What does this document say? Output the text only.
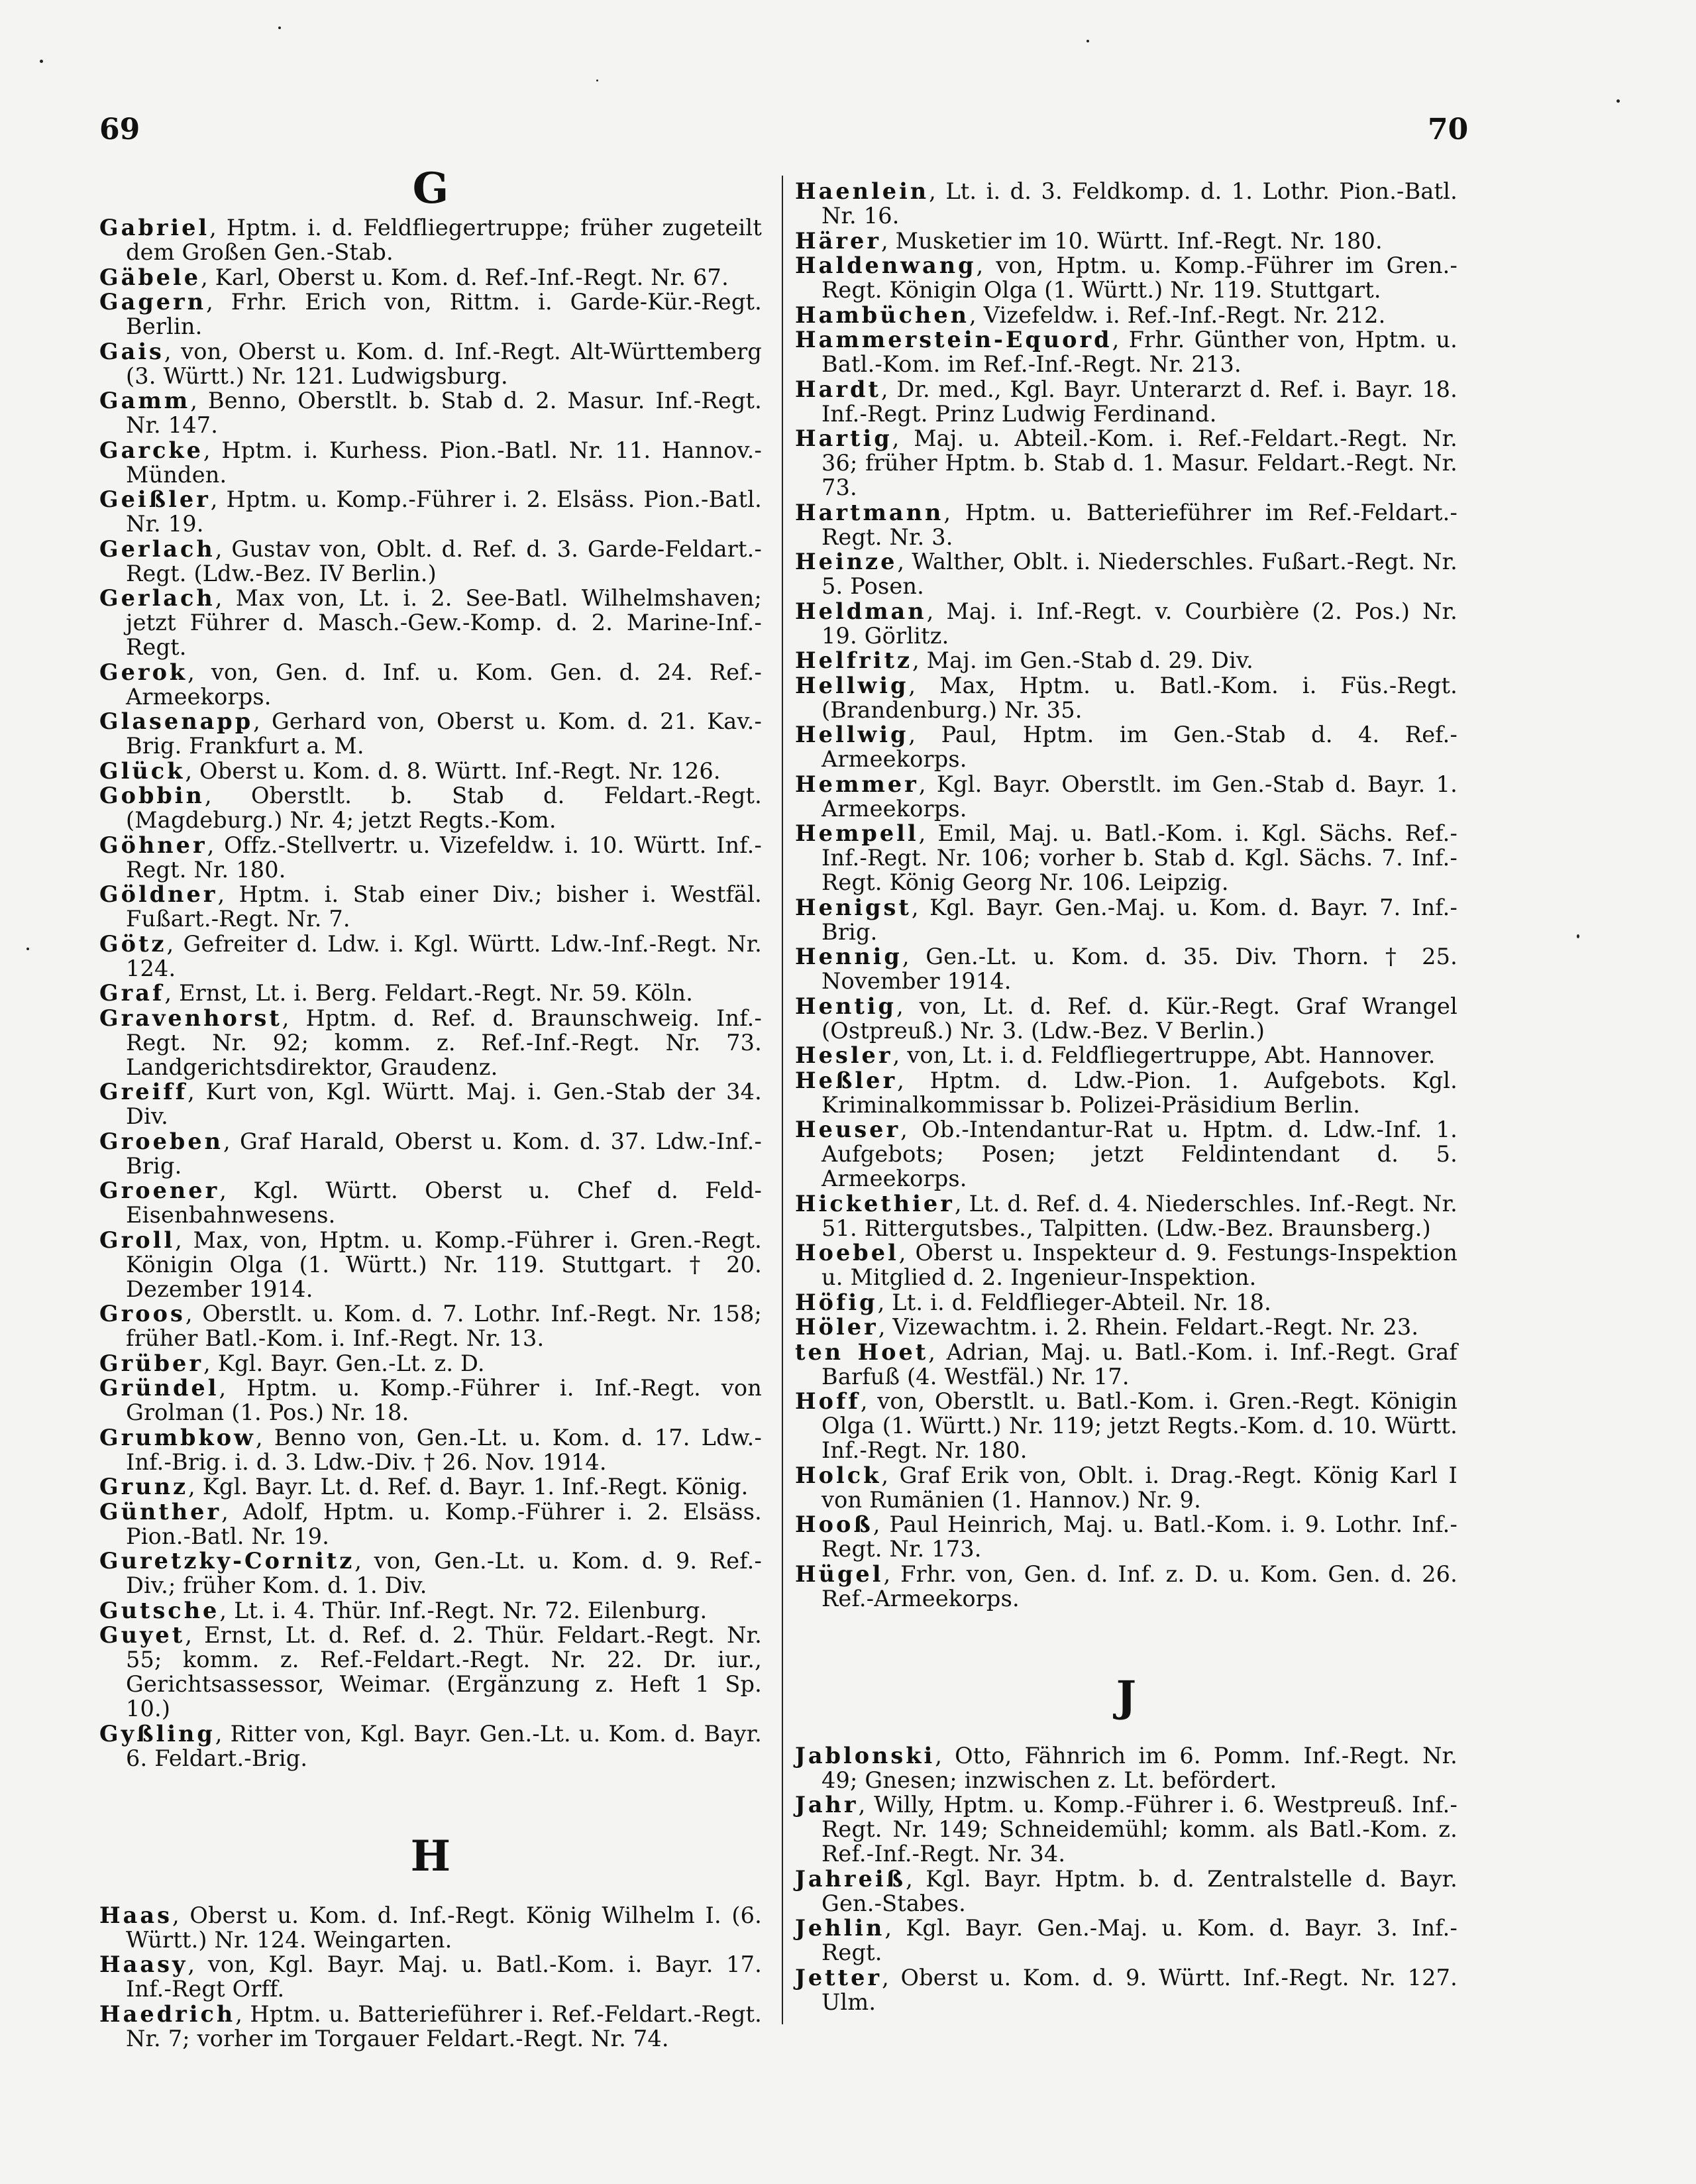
69	70
G

Gabriel, Hptm. i. d. Feldfliegertruppe; früher zugeteilt dem Großen Gen.-Stab.

Gäbele, Karl, Oberst u. Kom. d. Ref.-Inf.-Regt. Nr. 67.

Gagern, Frhr. Erich von, Rittm. i. Garde-Kür.-Regt. Berlin.

Gais, von, Oberst u. Kom. d. Inf.-Regt. Alt-Württemberg (3. Württ.) Nr. 121. Ludwigsburg.

Gamm, Benno, Oberstlt. b. Stab d. 2. Masur. Inf.-Regt. Nr. 147.

Garcke, Hptm. i. Kurhess. Pion.-Batl. Nr. 11. Hannov.-Münden.

Geißler, Hptm. u. Komp.-Führer i. 2. Elsäss. Pion.-Batl. Nr. 19.

Gerlach, Gustav von, Oblt. d. Ref. d. 3. Garde-Feldart.-Regt. (Ldw.-Bez. IV Berlin.)

Gerlach, Max von, Lt. i. 2. See-Batl. Wilhelmshaven; jetzt Führer d. Masch.-Gew.-Komp. d. 2. Marine-Inf.-Regt.

Gerok, von, Gen. d. Inf. u. Kom. Gen. d. 24. Ref.-Armeekorps.

Glasenapp, Gerhard von, Oberst u. Kom. d. 21. Kav.-Brig. Frankfurt a. M.

Glück, Oberst u. Kom. d. 8. Württ. Inf.-Regt. Nr. 126.

Gobbin, Oberstlt. b. Stab d. Feldart.-Regt. (Magdeburg.) Nr. 4; jetzt Regts.-Kom.

Göhner, Offz.-Stellvertr. u. Vizefeldw. i. 10. Württ. Inf.-Regt. Nr. 180.

Göldner, Hptm. i. Stab einer Div.; bisher i. Westfäl. Fußart.-Regt. Nr. 7.

Götz, Gefreiter d. Ldw. i. Kgl. Württ. Ldw.-Inf.-Regt. Nr. 124.

Graf, Ernst, Lt. i. Berg. Feldart.-Regt. Nr. 59. Köln.

Gravenhorst, Hptm. d. Ref. d. Braunschweig. Inf.-Regt. Nr. 92; komm. z. Ref.-Inf.-Regt. Nr. 73. Landgerichtsdirektor, Graudenz.

Greiff, Kurt von, Kgl. Württ. Maj. i. Gen.-Stab der 34. Div.

Groeben, Graf Harald, Oberst u. Kom. d. 37. Ldw.-Inf.-Brig.

Groener, Kgl. Württ. Oberst u. Chef d. Feld-Eisenbahnwesens.

Groll, Max, von, Hptm. u. Komp.-Führer i. Gren.-Regt. Königin Olga (1. Württ.) Nr. 119. Stuttgart. † 20. Dezember 1914.

Groos, Oberstlt. u. Kom. d. 7. Lothr. Inf.-Regt. Nr. 158; früher Batl.-Kom. i. Inf.-Regt. Nr. 13.

Grüber, Kgl. Bayr. Gen.-Lt. z. D.

Gründel, Hptm. u. Komp.-Führer i. Inf.-Regt. von Grolman (1. Pos.) Nr. 18.

Grumbkow, Benno von, Gen.-Lt. u. Kom. d. 17. Ldw.-Inf.-Brig. i. d. 3. Ldw.-Div. † 26. Nov. 1914.

Grunz, Kgl. Bayr. Lt. d. Ref. d. Bayr. 1. Inf.-Regt. König.

Günther, Adolf, Hptm. u. Komp.-Führer i. 2. Elsäss. Pion.-Batl. Nr. 19.

Guretzky-Cornitz, von, Gen.-Lt. u. Kom. d. 9. Ref.-Div.; früher Kom. d. 1. Div.

Gutsche, Lt. i. 4. Thür. Inf.-Regt. Nr. 72. Eilenburg.

Guyet, Ernst, Lt. d. Ref. d. 2. Thür. Feldart.-Regt. Nr. 55; komm. z. Ref.-Feldart.-Regt. Nr. 22. Dr. iur., Gerichtsassessor, Weimar. (Ergänzung z. Heft 1 Sp. 10.)

Gyßling, Ritter von, Kgl. Bayr. Gen.-Lt. u. Kom. d. Bayr. 6. Feldart.-Brig.

H

Haas, Oberst u. Kom. d. Inf.-Regt. König Wilhelm I. (6. Württ.) Nr. 124. Weingarten.

Haasy, von, Kgl. Bayr. Maj. u. Batl.-Kom. i. Bayr. 17. Inf.-Regt Orff.

Haedrich, Hptm. u. Batterieführer i. Ref.-Feldart.-Regt. Nr. 7; vorher im Torgauer Feldart.-Regt. Nr. 74.

Haenlein, Lt. i. d. 3. Feldkomp. d. 1. Lothr. Pion.-Batl. Nr. 16.

Härer, Musketier im 10. Württ. Inf.-Regt. Nr. 180.

Haldenwang, von, Hptm. u. Komp.-Führer im Gren.-Regt. Königin Olga (1. Württ.) Nr. 119. Stuttgart.

Hambüchen, Vizefeldw. i. Ref.-Inf.-Regt. Nr. 212.

Hammerstein-Equord, Frhr. Günther von, Hptm. u. Batl.-Kom. im Ref.-Inf.-Regt. Nr. 213.

Hardt, Dr. med., Kgl. Bayr. Unterarzt d. Ref. i. Bayr. 18. Inf.-Regt. Prinz Ludwig Ferdinand.

Hartig, Maj. u. Abteil.-Kom. i. Ref.-Feldart.-Regt. Nr. 36; früher Hptm. b. Stab d. 1. Masur. Feldart.-Regt. Nr. 73.

Hartmann, Hptm. u. Batterieführer im Ref.-Feldart.-Regt. Nr. 3.

Heinze, Walther, Oblt. i. Niederschles. Fußart.-Regt. Nr. 5. Posen.

Heldman, Maj. i. Inf.-Regt. v. Courbière (2. Pos.) Nr. 19. Görlitz.

Helfritz, Maj. im Gen.-Stab d. 29. Div.

Hellwig, Max, Hptm. u. Batl.-Kom. i. Füs.-Regt. (Brandenburg.) Nr. 35.

Hellwig, Paul, Hptm. im Gen.-Stab d. 4. Ref.-Armeekorps.

Hemmer, Kgl. Bayr. Oberstlt. im Gen.-Stab d. Bayr. 1. Armeekorps.

Hempell, Emil, Maj. u. Batl.-Kom. i. Kgl. Sächs. Ref.-Inf.-Regt. Nr. 106; vorher b. Stab d. Kgl. Sächs. 7. Inf.-Regt. König Georg Nr. 106. Leipzig.

Henigst, Kgl. Bayr. Gen.-Maj. u. Kom. d. Bayr. 7. Inf.-Brig.

Hennig, Gen.-Lt. u. Kom. d. 35. Div. Thorn. † 25. November 1914.

Hentig, von, Lt. d. Ref. d. Kür.-Regt. Graf Wrangel (Ostpreuß.) Nr. 3. (Ldw.-Bez. V Berlin.)

Hesler, von, Lt. i. d. Feldfliegertruppe, Abt. Hannover.

Heßler, Hptm. d. Ldw.-Pion. 1. Aufgebots. Kgl. Kriminalkommissar b. Polizei-Präsidium Berlin.

Heuser, Ob.-Intendantur-Rat u. Hptm. d. Ldw.-Inf. 1. Aufgebots; Posen; jetzt Feldintendant d. 5. Armeekorps.

Hickethier, Lt. d. Ref. d. 4. Niederschles. Inf.-Regt. Nr. 51. Rittergutsbes., Talpitten. (Ldw.-Bez. Braunsberg.)

Hoebel, Oberst u. Inspekteur d. 9. Festungs-Inspektion u. Mitglied d. 2. Ingenieur-Inspektion.

Höfig, Lt. i. d. Feldflieger-Abteil. Nr. 18.

Höler, Vizewachtm. i. 2. Rhein. Feldart.-Regt. Nr. 23.

ten Hoet, Adrian, Maj. u. Batl.-Kom. i. Inf.-Regt. Graf Barfuß (4. Westfäl.) Nr. 17.

Hoff, von, Oberstlt. u. Batl.-Kom. i. Gren.-Regt. Königin Olga (1. Württ.) Nr. 119; jetzt Regts.-Kom. d. 10. Württ. Inf.-Regt. Nr. 180.

Holck, Graf Erik von, Oblt. i. Drag.-Regt. König Karl I von Rumänien (1. Hannov.) Nr. 9.

Hooß, Paul Heinrich, Maj. u. Batl.-Kom. i. 9. Lothr. Inf.-Regt. Nr. 173.

Hügel, Frhr. von, Gen. d. Inf. z. D. u. Kom. Gen. d. 26. Ref.-Armeekorps.

J

Jablonski, Otto, Fähnrich im 6. Pomm. Inf.-Regt. Nr. 49; Gnesen; inzwischen z. Lt. befördert.

Jahr, Willy, Hptm. u. Komp.-Führer i. 6. Westpreuß. Inf.-Regt. Nr. 149; Schneidemühl; komm. als Batl.-Kom. z. Ref.-Inf.-Regt. Nr. 34.

Jahreiß, Kgl. Bayr. Hptm. b. d. Zentralstelle d. Bayr. Gen.-Stabes.

Jehlin, Kgl. Bayr. Gen.-Maj. u. Kom. d. Bayr. 3. Inf.-Regt.

Jetter, Oberst u. Kom. d. 9. Württ. Inf.-Regt. Nr. 127. Ulm.
